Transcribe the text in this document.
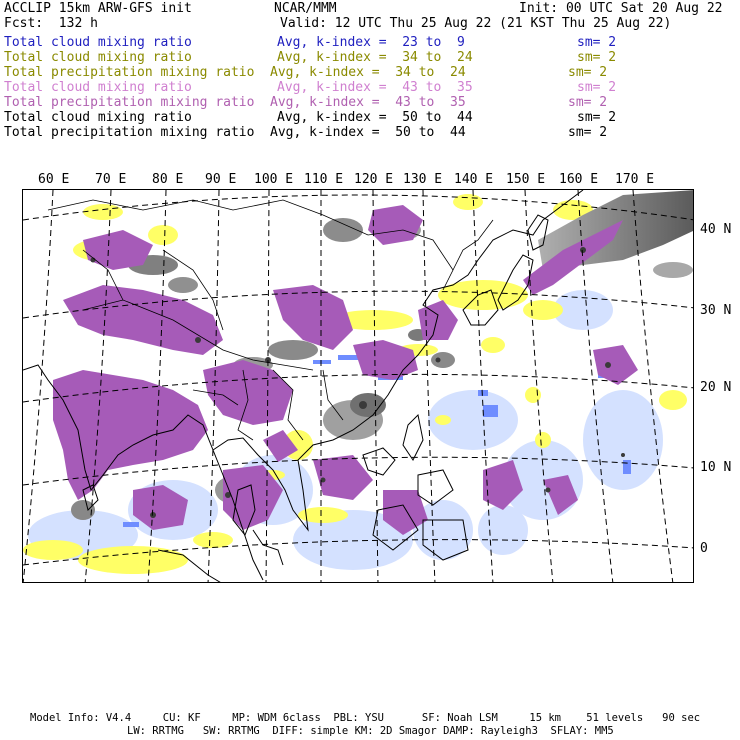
ACCLIP 15km ARW-GFS init	NCAR/MMM	Init: 00 UTC Sat 20 Aug 22
Fcst:  132 h	Valid: 12 UTC Thu 25 Aug 22 (21 KST Thu 25 Aug 22)
Total cloud mixing ratio	Avg, k-index =  23 to  9	sm= 2
Total cloud mixing ratio	Avg, k-index =  34 to  24	sm= 2
Total precipitation mixing ratio Avg, k-index =  34 to  24	sm= 2
Total cloud mixing ratio	Avg, k-index =  43 to  35	sm= 2
Total precipitation mixing ratio Avg, k-index =  43 to  35	sm= 2
Total cloud mixing ratio	Avg, k-index =  50 to  44	sm= 2
Total precipitation mixing ratio Avg, k-index =  50 to  44	sm= 2
60 E 70 E 80 E 90 E 100 E 110 E 120 E 130 E 140 E 150 E 160 E 170 E
40 N
30 N
20 N
10 N
0
Model Info: V4.4     CU: KF     MP: WDM 6class  PBL: YSU      SF: Noah LSM     15 km    51 levels   90 sec
LW: RRTMG   SW: RRTMG  DIFF: simple KM: 2D Smagor DAMP: Rayleigh3  SFLAY: MM5
